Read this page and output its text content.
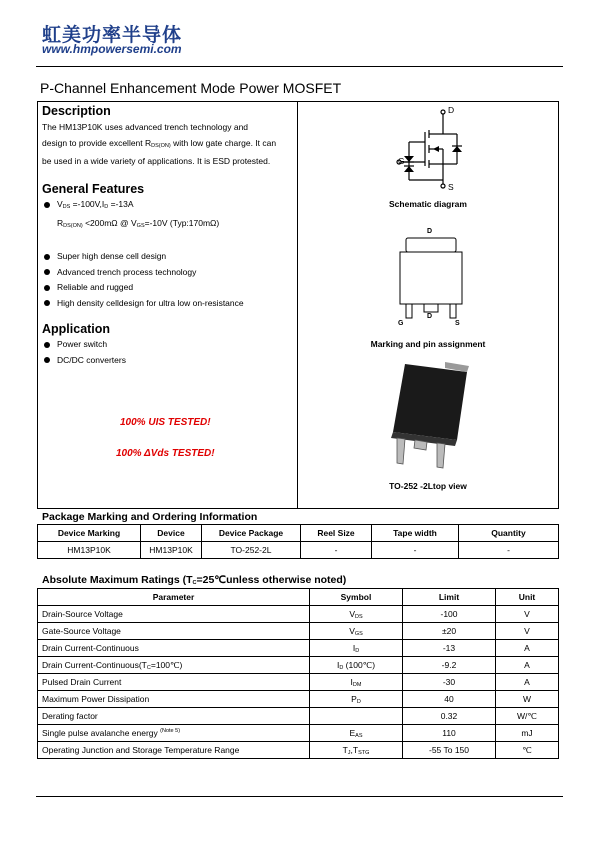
虹美功率半导体
www.hmpowersemi.com
P-Channel Enhancement Mode Power MOSFET
Description
The HM13P10K uses advanced trench technology and
design to provide excellent $R_{DS(ON)}$ with low gate charge. It can
be used in a wide variety of applications. It is ESD protested.
General Features
$V_{DS} =-100V,I_D =-13A$
$R_{DS(ON)} <200m\Omega$ @ $V_{GS}=-10V$ (Typ:170mΩ)
Super high dense cell design
Advanced trench process technology
Reliable and rugged
High density celldesign for ultra low on-resistance
Application
Power switch
DC/DC converters
100% UIS TESTED!
100% ΔVds TESTED!
D
G
S
Schematic diagram
D
D
G	S
Marking and pin assignment
TO-252 -2Ltop view
Package Marking and Ordering Information
Device Marking	Device	Device Package	Reel Size	Tape width	Quantity
HM13P10K	HM13P10K	TO-252-2L	-	-	-
Absolute Maximum Ratings ($T_C=25℃unless$ otherwise noted)
Parameter	Symbol	Limit	Unit
Drain-Source Voltage	$V_{DS}$	-100	V
Gate-Source Voltage	$V_{GS}$	±20	V
Drain Current-Continuous	$I_D$	-13	A
Drain Current-$Continuous(T_C=100℃)$	$I_D$ (100℃)	-9.2	A
Pulsed Drain Current	$I_{DM}$	-30	A
Maximum Power Dissipation	$P_D$	40	W
Derating factor		0.32	W/℃
Single pulse avalanche energy $^{(Note 5)}$	$E_{AS}$	110	mJ
Operating Junction and Storage Temperature Range	$T_J,T_{STG}$	-55 To 150	℃
